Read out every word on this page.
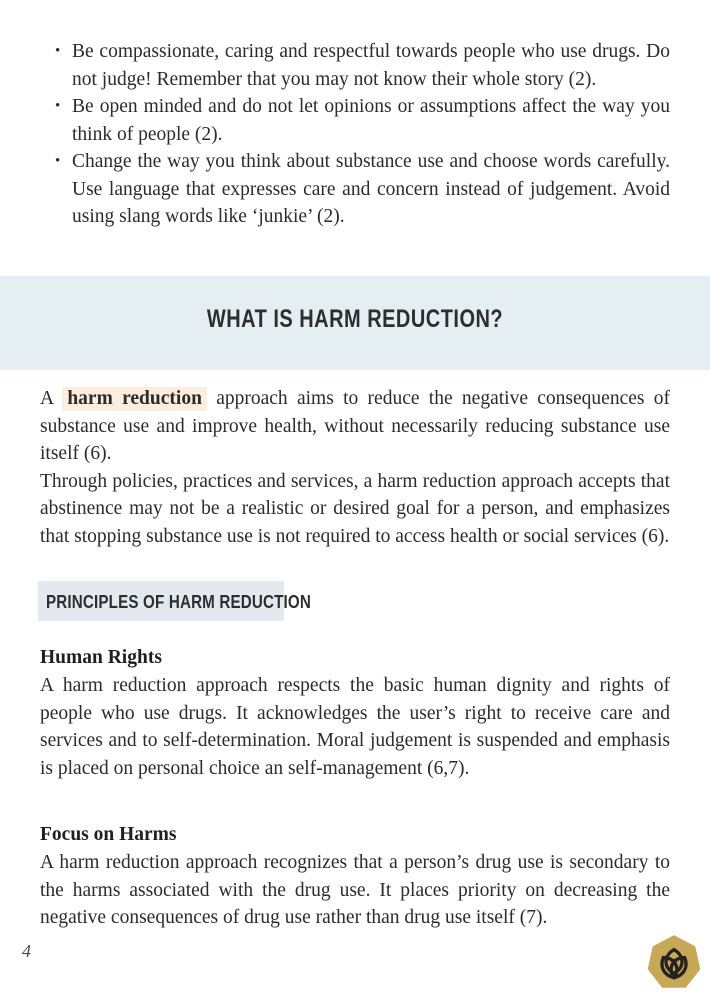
• Be compassionate, caring and respectful towards people who use drugs. Do not judge! Remember that you may not know their whole story (2).
• Be open minded and do not let opinions or assumptions affect the way you think of people (2).
• Change the way you think about substance use and choose words carefully. Use language that expresses care and concern instead of judgement. Avoid using slang words like ‘junkie’ (2).
WHAT IS HARM REDUCTION?

A harm reduction approach aims to reduce the negative consequences of substance use and improve health, without necessarily reducing substance use itself (6).

Through policies, practices and services, a harm reduction approach accepts that abstinence may not be a realistic or desired goal for a person, and emphasizes that stopping substance use is not required to access health or social services (6).

PRINCIPLES OF HARM REDUCTION
Human Rights

A harm reduction approach respects the basic human dignity and rights of people who use drugs. It acknowledges the user’s right to receive care and services and to self-determination. Moral judgement is suspended and emphasis is placed on personal choice an self-management (6,7).

Focus on Harms

A harm reduction approach recognizes that a person’s drug use is secondary to the harms associated with the drug use. It places priority on decreasing the negative consequences of drug use rather than drug use itself (7).

4
